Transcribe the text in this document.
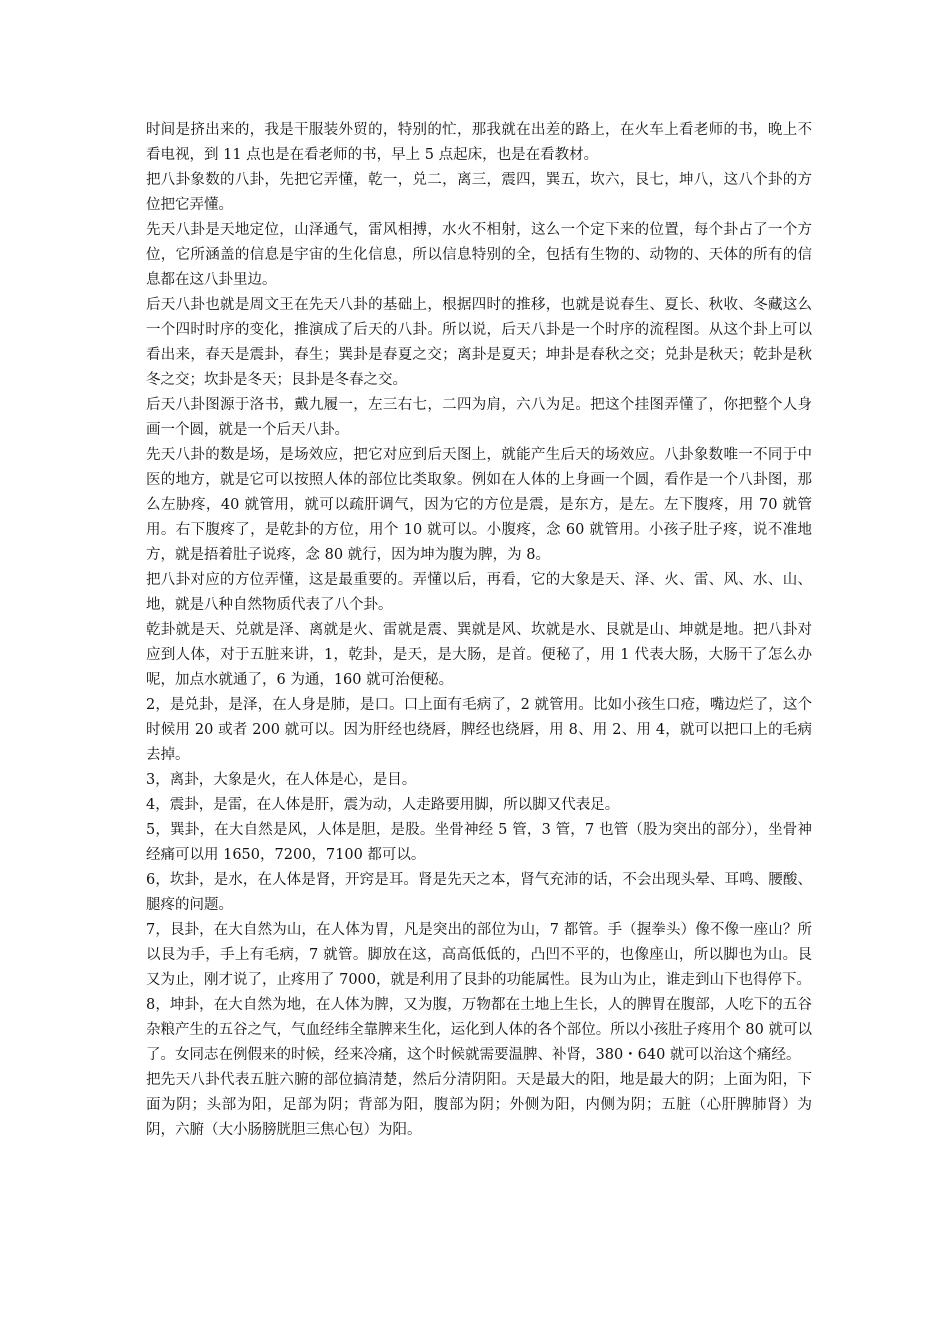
时间是挤出来的，我是干服装外贸的，特别的忙，那我就在出差的路上，在火车上看老师的书，晚上不看电视，到 11 点也是在看老师的书，早上 5 点起床，也是在看教材。

把八卦象数的八卦，先把它弄懂，乾一，兑二，离三，震四，巽五，坎六，艮七，坤八，这八个卦的方位把它弄懂。

先天八卦是天地定位，山泽通气，雷风相搏，水火不相射，这么一个定下来的位置，每个卦占了一个方位，它所涵盖的信息是宇宙的生化信息，所以信息特别的全，包括有生物的、动物的、天体的所有的信息都在这八卦里边。

后天八卦也就是周文王在先天八卦的基础上，根据四时的推移，也就是说春生、夏长、秋收、冬藏这么一个四时时序的变化，推演成了后天的八卦。所以说，后天八卦是一个时序的流程图。从这个卦上可以看出来，春天是震卦，春生；巽卦是春夏之交；离卦是夏天；坤卦是春秋之交；兑卦是秋天；乾卦是秋冬之交；坎卦是冬天；艮卦是冬春之交。

后天八卦图源于洛书，戴九履一，左三右七，二四为肩，六八为足。把这个挂图弄懂了，你把整个人身画一个圆，就是一个后天八卦。

先天八卦的数是场，是场效应，把它对应到后天图上，就能产生后天的场效应。八卦象数唯一不同于中医的地方，就是它可以按照人体的部位比类取象。例如在人体的上身画一个圆，看作是一个八卦图，那么左胁疼，40 就管用，就可以疏肝调气，因为它的方位是震，是东方，是左。左下腹疼，用 70 就管用。右下腹疼了，是乾卦的方位，用个 10 就可以。小腹疼，念 60 就管用。小孩子肚子疼，说不准地方，就是捂着肚子说疼，念 80 就行，因为坤为腹为脾，为 8。

把八卦对应的方位弄懂，这是最重要的。弄懂以后，再看，它的大象是天、泽、火、雷、风、水、山、地，就是八种自然物质代表了八个卦。

乾卦就是天、兑就是泽、离就是火、雷就是震、巽就是风、坎就是水、艮就是山、坤就是地。把八卦对应到人体，对于五脏来讲，1，乾卦，是天，是大肠，是首。便秘了，用 1 代表大肠，大肠干了怎么办呢，加点水就通了，6 为通，160 就可治便秘。

2，是兑卦，是泽，在人身是肺，是口。口上面有毛病了，2 就管用。比如小孩生口疮，嘴边烂了，这个时候用 20 或者 200 就可以。因为肝经也绕唇，脾经也绕唇，用 8、用 2、用 4，就可以把口上的毛病去掉。

3，离卦，大象是火，在人体是心，是目。

4，震卦，是雷，在人体是肝，震为动，人走路要用脚，所以脚又代表足。

5，巽卦，在大自然是风，人体是胆，是股。坐骨神经 5 管，3 管，7 也管（股为突出的部分），坐骨神经痛可以用 1650，7200，7100 都可以。

6，坎卦，是水，在人体是肾，开窍是耳。肾是先天之本，肾气充沛的话，不会出现头晕、耳鸣、腰酸、腿疼的问题。

7，艮卦，在大自然为山，在人体为胃，凡是突出的部位为山，7 都管。手（握拳头）像不像一座山？所以艮为手，手上有毛病，7 就管。脚放在这，高高低低的，凸凹不平的，也像座山，所以脚也为山。艮又为止，刚才说了，止疼用了 7000，就是利用了艮卦的功能属性。艮为山为止，谁走到山下也得停下。

8，坤卦，在大自然为地，在人体为脾，又为腹，万物都在土地上生长，人的脾胃在腹部，人吃下的五谷杂粮产生的五谷之气，气血经纬全靠脾来生化，运化到人体的各个部位。所以小孩肚子疼用个 80 就可以了。女同志在例假来的时候，经来冷痛，这个时候就需要温脾、补肾，380・640 就可以治这个痛经。

把先天八卦代表五脏六腑的部位搞清楚，然后分清阴阳。天是最大的阳，地是最大的阴；上面为阳，下面为阴；头部为阳，足部为阴；背部为阳，腹部为阴；外侧为阳，内侧为阴；五脏（心肝脾肺肾）为阴，六腑（大小肠膀胱胆三焦心包）为阳。
